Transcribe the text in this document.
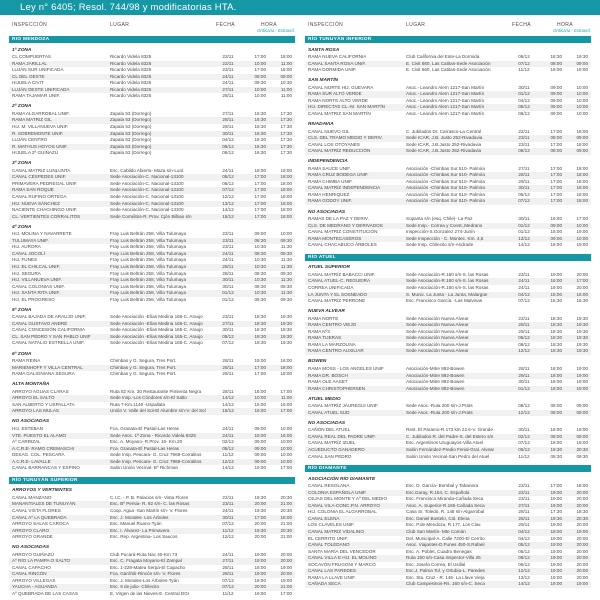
Ley n° 6405; Resol. 744/98 y modificatorias HTA.
INSPECCIÓN	LUGAR	FECHA	HORA
Ordinaria - Extraord.
RIO MENDOZA
1ª ZONA
CL COMPUERTAS	Ricardo Videla 8325	22/11	17:00	18:00
RAMA JARILLAL	Ricardo Videla 8325	22/11	10:00	11:00
LUJÁN SUR UNIFICADA	Ricardo Videla 8325	23/11	17:00	18:00
CL DEL OESTE	Ricardo Videla 8325	24/11	08:00	09:00
HIJUELA CIVIT	Ricardo Videla 8325	24/11	09:30	10:30
LUJÁN OESTE UNIFICADA	Ricardo Videla 8325	27/11	10:00	11:00
RAMA TAJAMAR UNIF.	Ricardo Videla 8325	28/11	10:00	11:00
2ª ZONA
RAMA ALGARROBAL UNIF.	Zapala 53 (Dorrego)	27/11	16:30	17:30
RAMA MATRIZ GIL	Zapala 53 (Dorrego)	28/11	16:30	17:30
HIJ. M. VILLANUEVA UNIF.	Zapala 53 (Dorrego)	29/11	16:30	17:30
R. SOBREMONTE UNIF.	Zapala 53 (Dorrego)	30/11	16:30	17:30
LUJÁN CENTRO	Zapala 53 (Dorrego)	04/12	16:30	17:30
R. MATHUS HOYOS UNIF.	Zapala 53 (Dorrego)	05/12	16:30	17:30
HIJUELA 2ª GUIÑAZÚ	Zapala 53 (Dorrego)	06/12	16:30	17:30
3ª ZONA
CANAL MATRIZ LUNLUNTA	Esc. Cabildo Abierto- Maza s/n-Lunl.	24/11	18:00	19:00
CANAL CÉSPEDES UNIF.	Sede Asociación-C. Nacional-13100	05/12	17:00	18:00
PRIMAVERA PEDREGAL UNIF.	Sede Asociación-C. Nacional-13100	06/12	17:00	18:00
RAMA SAN ROQUE	Sede Asociación-C. Nacional-13100	07/12	17:00	18:00
CANAL RUFINO ORTEGA	Sede Asociación-C. Nacional-13100	12/12	17:00	18:00
HIJ. NUEVA SÁNCHEZ	Sede Asociación-C. Nacional-13100	13/12	17:00	18:00
NACIENTE CHACHINGO UNIF.	Sede Asociación-C. Nacional-13100	14/12	17:00	18:00
CL. VERTIENTES CORRALITOS	Sede Corralitos-R. Prov. Cjón Bilbao s/n	15/12	17:00	18:00
4ª ZONA
HIJ. MOLINA Y NAVARRETE	Fray Luis Beltrán 258, Villa Tulumaya	22/11	09:00	10:00
TULUMAYA UNIF.	Fray Luis Beltrán 258, Villa Tulumaya	23/11	08:30	09:30
HIJ. AURORA	Fray Luis Beltrán 258, Villa Tulumaya	23/11	10:30	11:30
CANAL JOCOLÍ	Fray Luis Beltrán 258, Villa Tulumaya	24/11	08:30	09:30
HIJ. FUNES	Fray Luis Beltrán 258, Villa Tulumaya	24/11	10:30	11:30
HIJ. EL CHILCAL UNIF.	Fray Luis Beltrán 258, Villa Tulumaya	28/11	10:30	11:30
HIJ. SEGURA	Fray Luis Beltrán 258, Villa Tulumaya	28/11	08:30	09:30
HIJ. VILLANUEVA UNIF.	Fray Luis Beltrán 258, Villa Tulumaya	30/11	10:30	11:30
CANAL COLONIAS UNIF.	Fray Luis Beltrán 258, Villa Tulumaya	30/11	08:30	09:30
HIJ. SANTA RITA UNIF.	Fray Luis Beltrán 258, Villa Tulumaya	01/12	10:30	11:30
HIJ. EL PROGRESO	Fray Luis Beltrán 258, Villa Tulumaya	01/12	08:30	09:30
5ª ZONA
CANAL BAJADA DE ARAUJO UNIF.	Sede Asociación -Elías Medina 165-C. Araujo	23/11	18:30	19:30
CANAL GUSTAVO ANDRÉ	Sede Asociación -Elías Medina 165-C. Araujo	27/11	18:30	19:30
CANAL CONCESIÓN CALIFORNIA	Sede Asociación -Elías Medina 165-C. Araujo	30/11	18:30	19:30
CL. SAN PEDRO Y SAN PABLO UNIF	Sede Asociación -Elías Medina 165-C. Araujo	05/12	18:30	19:30
CANAL NATALIO ESTRELLA UNIF.	Sede Asociación -Elías Medina 165-C. Araujo	07/12	18:30	19:30
6ª ZONA
RAMA REINA	Chimbas y G. Segura, Tres Port.	28/11	15:00	16:00
MARIENHOFF Y VILLA CENTRAL	Chimbas y G. Segura, Tres Port.	28/11	17:00	18:00
RAMA GALIGNIANA SEGURA	Chimbas y G. Segura, Tres Port.	29/11	17:00	18:00
ALTA MONTAÑA
ARROYO AGUAS CLARAS	Ruta 82 Km. 30 Restaurante Pimienta Negra	28/11	16:00	17:00
ARROYO EL SALTO	Sede Insp.-Los Cóndores s/n-El Salto	14/12	10:00	11:00
SAN ALBERTO Y USPALLATA	Ruta 7-Km.1146 -Uspallata	14/12	15:00	16:00
ARROYO LAS MULAS	Unión V. Valle del Sol-El Alumbre s/n-V. del Sol	15/12	16:00	17:00
NO ASOCIADAS
HIJ. ESTEBAN	Fca. Granata-El Pastal-Las Heras	24/11	09:00	10:00
VTE. PUESTO EL ALAMO	Sede Asoc. 1ª Zona - Ricardo Videla 8325	24/11	15:00	16:00
Aº CARRIZAL	Esc. A. Moyano- R.Prov. 16- Km.20	02/12	09:00	10:00
A.C.R.E- RAMO CREMASCHI	Fca. Granata-El Pastal-Las Heras	05/12	09:00	10:00
DESAG. COL. PESCARA	Sede Insp. Pescara- G. Cruz 7968-Corralitos	11/12	09:00	10:00
A.C.R.E- LAVALLE	Sede Insp. Pescara- G. Cruz 7968-Corralitos	12/12	09:00	10:00
CANAL BARRANCAS Y ESPINO	Salón Unión Vecinal- Bº Richman	14/12	16:00	17:00
RÍO TUNUYÁN SUPERIOR
ARROYOS Y VERTIENTES
CANAL MANZANO	C.I.C. - P. B. Palacios s/n- Vista Flores	22/11	19:30	20:30
MANANTIALES DE TUNUYÁN	Esc. Bº Persia- R. 92 s/n- C. las Rosas	23/11	20:00	21:00
CANAL VISTA FLORES	Coop. Agua -San Martín s/n- V. Flores	24/11	19:30	20:30
CANAL Aº LA QUEBRADA	Esc. J. Morales- Los Árboles	30/11	17:00	18:00
ARROYO SALAS CAROCA	Esc. Manuel Ruano-Tyán	07/12	20:00	21:00
ARROYO CLARO	Esc. I. Álvarez- La Primavera	11/12	19:30	20:30
ARROYO GRANDE	Esc. Rep. Argentina- Los Saucos	12/12	20:00	21:00
NO ASOCIADAS
ARROYO GUIÑAZÚ	Club Pucará-Ruta Nac 40-Km 73	24/11	19:00	20:00
Aº RÍO LA PAMPA O SALTO	Esc. C. Fragata Moyano-El Zampal	27/11	19:00	20:00
CANAL CAPACHO	Esc. 1-228-Matea Serpa-El Capacho	28/11	18:00	19:00
CANAL RINCÓN	Fca. Garófoli-Rincón s/n- V. Flores	29/11	19:00	20:00
ARROYO VILLEGAS	Esc. J. Morales-Los Árboles-Tyán	07/12	18:00	19:00
YAUCHA - AGUANDA	Esc. 9 de julio- Chilecito	07/12	20:00	21:00
Aº QUEBRADA DE LAS CASAS	E. Virgen de las Nieves-E. Central DGI	11/12	16:00	17:00
INSPECCIÓN	LUGAR	FECHA	HORA
Ordinaria - Extraord.
RÍO TUNUYÁN INFERIOR
SANTA ROSA
RAMA NUEVA CALIFORNIA	Club California del Este-La Dormida	06/12	18:30	19:30
CANAL SANTA ROSA UNIF.	E. Civit 660, Las Catitas-Sede Asociación	07/12	08:00	09:00
RAMA DORMIDA UNIF.	E. Civit 660, Las Catitas-Sede Asociación	11/12	18:00	19:00
SAN MARTÍN
CANAL NORTE HIJ. GUEVARA	Asoc.- Leandro Alem 1217-San Martín	30/11	09:00	10:00
RAMA SUR ALTO VERDE	Asoc.- Leandro Alem 1217-San Martín	01/12	09:00	10:00
RAMA NORTE ALTO VERDE	Asoc.- Leandro Alem 1217-San Martín	04/12	09:00	10:00
HIJ. DIRECTAS CL.-M. SAN MARTÍN	Asoc.- Leandro Alem 1217-San Martín	05/12	09:00	10:00
CANAL MATRIZ SAN MARTÍN	Asoc.- Leandro Alem 1217-San Martín	06/12	09:00	10:00
RIVADAVIA
CANAL NUEVO GIL	C. Jubilados Dr. Carrasco-La Central	22/11	17:00	18:00
CLS. DEL TRAMO MEDIO Y DERIV.	Sede ICAR, J.B. Justo 252-Rivadavia	23/11	08:00	09:00
CANAL LOS OTOYANES	Sede ICAR, J.B.Justo 252-Rivadavia	23/11	17:00	18:00
CANAL MATRÍZ REDUCCIÓN	Sede ICAR, J.B.Justo 252-Rivadavia	06/12	08:00	09:00
INDEPENDENCIA
RAMA SAUCE UNIF.	Asociación -Chimbas Sur 510- Palmira	27/11	17:00	18:00
RAMA CRUZ BODEGA UNIF.	Asociación -Chimbas Sur 510- Palmira	28/11	17:00	18:00
RAMA CHIMBA UNIF.	Asociación -Chimbas Sur 510- Palmira	29/11	17:00	18:00
CANAL MATRÍZ INDEPENDENCIA	Asociación -Chimbas Sur 510- Palmira	30/11	17:00	18:00
RAMA HENRIQUEZ	Asociación -Chimbas Sur 510- Palmira	05/12	17:00	18:00
RAMA GODOY UNIF.	Asociación -Chimbas Sur 510- Palmira	07/12	17:00	18:00
NO ASOCIADAS
RAMAS DE LA PAZ Y DERIV.	Sopanta s/n (esq. Chile)- La Paz	30/11	16:00	17:00
CLS. DE MEDRANO Y DERIVADOS	Sede Insp.- Correa y Const.,Medrano	01/12	09:00	10:00
CANAL MATRÍZ CONSTITUCIÓN	Inspección-S.Gonzalez 274-Junín	01/12	18:00	19:00
RAMA MONTECASEROS	Sede Inspección - C. Montec. Km. 4,5	13/12	09:00	10:00
CANAL CHACABUCO ÁRBOLES	Sede Insp. Chilecito s/n-Andrade	14/12	18:00	19:00
RÍO ATUEL
ATUEL SUPERIOR
CANAL MATRÍZ BABACCI UNIF.	Sede Asociación-R.160 s/n-S. las Rosas	23/11	19:00	20:00
CANAL ATUEL-C. REGUEIRA	Sede Asociación-R.160 s/n-S. las Rosas	24/11	16:00	17:00
CORREA UNIFICADA	Sede Asociación-R.160 s/n-S. las Rosas	24/11	19:00	20:00
LA JUNTA Y EL SOSNEADO	S. Munic. La Junta - La Junta, Malargüe	04/12	15:00	16:00
CANAL MATRÍZ PERRONE	Esc. Francisco García. -Las Malvinas	07/12	15:30	16:30
NUEVA ALVEAR
RAMA NORTE	Sede Asociación Nueva Alvear	22/11	18:30	19:30
RAMA CENTRO VIEJO	Sede Asociación Nueva Alvear	28/11	18:30	19:30
RAMA Nº3	Sede Asociación Nueva Alvear	29/11	18:30	19:30
RAMA TIJERAS	Sede Asociación Nueva Alvear	05/12	18:30	19:30
RAMA LA MARZOLINA	Sede Asociación Nueva Alvear	06/12	18:30	19:30
RAMA CENTRO AUXILIAR	Sede Asociación Nueva Alvear	12/12	18:30	19:30
BOWEN
RAMA MOSS - LOS ANGELES UNIF	Asociación-Mitre 892-Bowen	28/11	18:00	19:00
RAMA DR. BOSCH	Asociación-Mitre 892-Bowen	29/11	18:00	19:00
RAMA OLE AASET	Asociación-Mitre 892-Bowen	30/11	18:00	19:00
RAMA CHRISTOPHERSEN	Asociación-Mitre 892-Bowen	01/12	18:00	19:00
ATUEL MEDIO
CANAL MATRÍZ JÁUREGUI UNIF.	Sede Asoc.-Ruta 200 s/n-J.Prats	06/12	08:00	09:00
CANAL ATUEL SUD	Sede Asoc.-Ruta 200 s/n-J.Prats	12/12	08:00	09:00
NO ASOCIADAS
CAÑÓN DEL ATUEL	Rest. El Páramo-R.173 km 22.6-V. Grande	30/11	18:00	19:00
CANAL REAL DEL PADRE UNIF.	C. Jubilados R. del Padre-S. del Estero s/n	02/12	08:00	09:00
CANAL MATRÍZ IZUEL	Esc. Argentinos Uruguayos-Villa Atuel	07/12	18:00	19:00
ACUEDUCTO GANADERO	Salón Fernández-Predio Ferial-Gral. Alvear	06/12	19:30	20:30
CANAL SAN PEDRO	Salón Unión Vecinal-San Pedro del Atuel	11/12	08:30	09:30
RÍO DIAMANTE
ASOCIACIÓN RÍO DIAMANTE
CANAL RESOLANA	Esc. D. García- Bombal y Tabanera	22/11	17:00	18:00
COLONIA ESPAÑOLA UNIF.	Esc.Garay, R.154, C. Española	22/11	19:00	20:00
CEJAS DEL MONTE Y Aº DEL MEDIO	Esc. Francisco Miranda-Cañada Seca	23/11	19:00	20:00
CANAL VILA-CONC.P.N. ARROYO	Asoc. A. Superior-R.165-Cañada Seca	27/11	19:00	20:00
HIJ. COLONIA EL ALGARROBAL	Casa Sr. Toledo, R. 146 s/n-Algarrobal	28/11	17:30	18:30
CANAL ELENA	Esc. Daniel Bustelo, Col. Elena	28/11	19:30	20:30
LOS CLAVELES UNIF.	Esc. P.de Mendoza, R.177, Los Clav.	29/11	19:00	20:00
CANAL MATRIZ VIDALINO	Club San Martín- Mte Comán	04/12	18:00	19:00
EL CERRITO UNIF.	Del. Municipal-A. Calle 7200-El Cerrito	04/12	19:00	20:00
CANAL TOLEDANO	Asoc. Viajantes-D.Funes 450-S.Rafael	05/12	19:00	20:00
SANTA MARÍA DEL VENCEDOR	Esc. A. Poblet, Cuadro Benegas	05/12	19:00	20:00
CANAL VILLA E HIJ. EL MOLINO	Ruta 150 s/n-Casa inspector-Villa 25	06/12	19:00	20:00
SOCAVÓN FRUGONI Y MARCÓ	Esc. Josefa Correa, El Usillal	06/12	19:00	20:00
CANAL LAS PAREDES	Esc.J. Palma Tol. y Ortubia-L. Paredes	12/12	19:00	20:00
RAMA LA LLAVE UNIF.	Esc. Sta. Cruz - R. 146- La Llave Vieja	13/12	19:00	20:00
CAÑADA SECA	Club Campesinos-Rs. 160 s/n-C. Seca	14/12	19:00	19:00
